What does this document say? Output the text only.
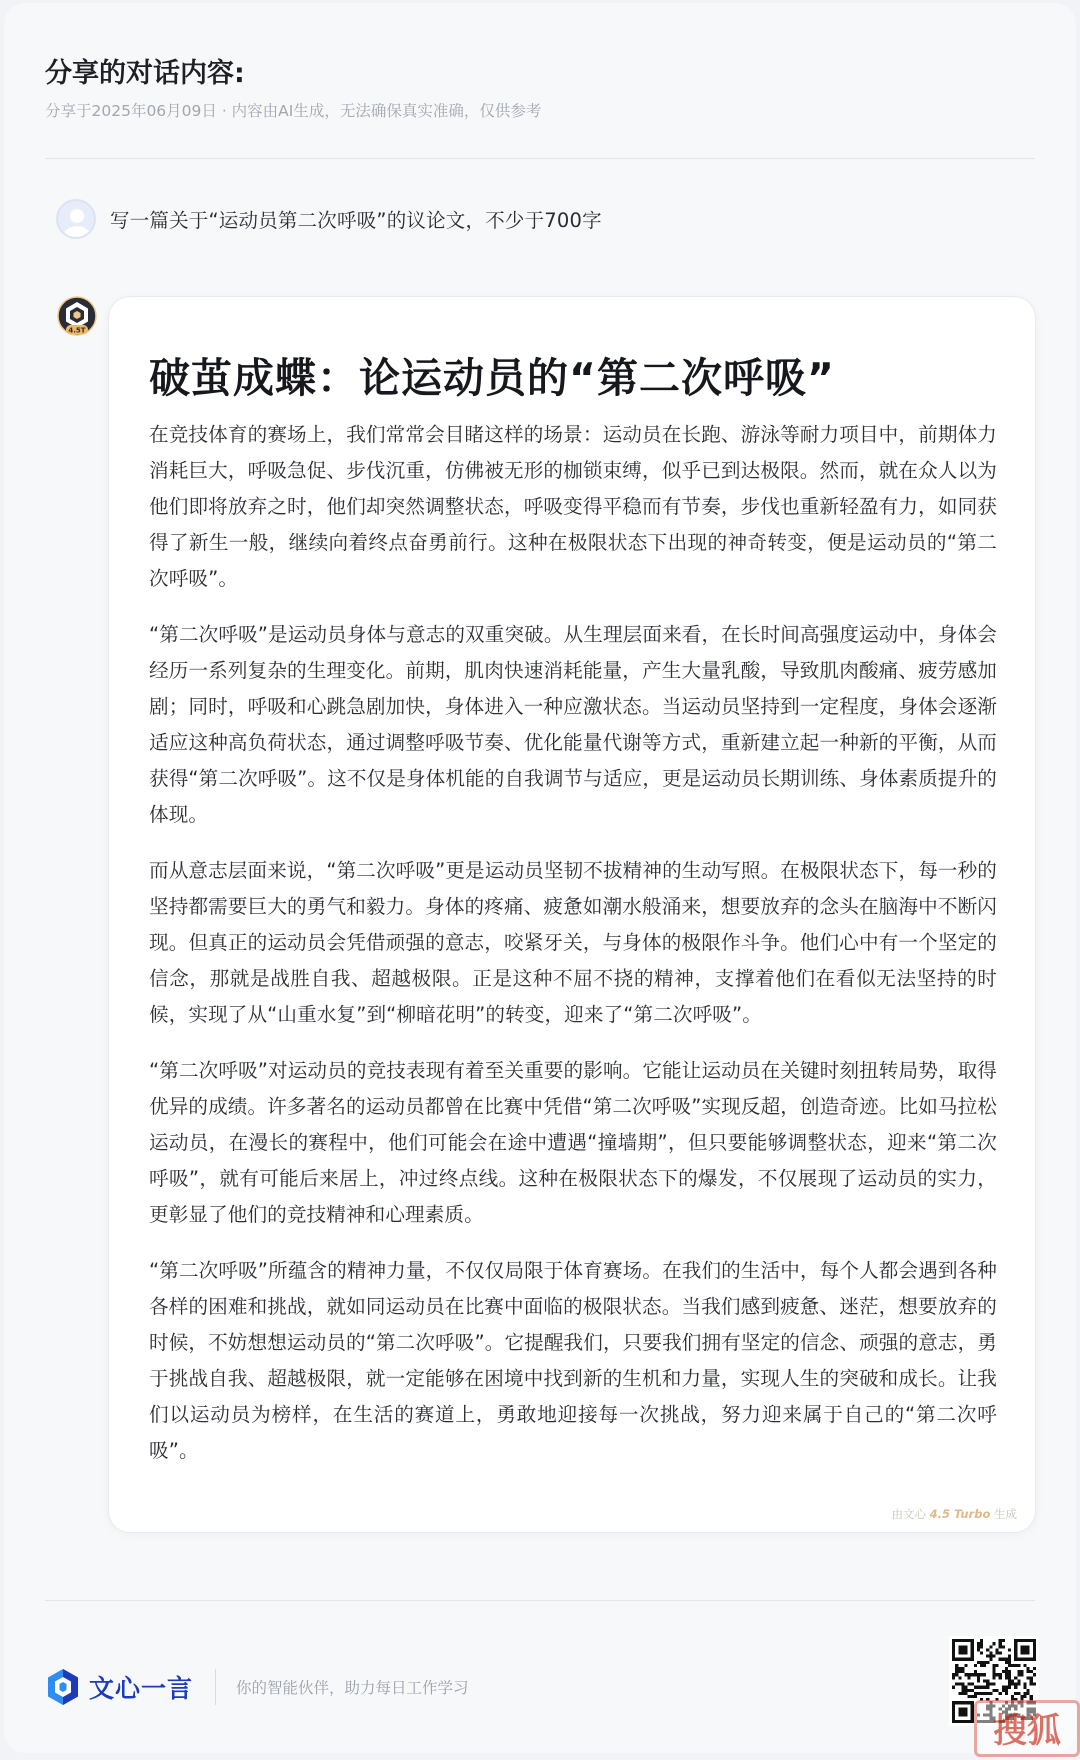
分享的对话内容:
分享于2025年06月09日 · 内容由AI生成，无法确保真实准确，仅供参考
写一篇关于“运动员第二次呼吸”的议论文，不少于700字
4.5T
破茧成蝶：论运动员的“第二次呼吸”

在竞技体育的赛场上，我们常常会目睹这样的场景：运动员在长跑、游泳等耐力项目中，前期体力消耗巨大，呼吸急促、步伐沉重，仿佛被无形的枷锁束缚，似乎已到达极限。然而，就在众人以为他们即将放弃之时，他们却突然调整状态，呼吸变得平稳而有节奏，步伐也重新轻盈有力，如同获得了新生一般，继续向着终点奋勇前行。这种在极限状态下出现的神奇转变，便是运动员的“第二次呼吸”。

“第二次呼吸”是运动员身体与意志的双重突破。从生理层面来看，在长时间高强度运动中，身体会经历一系列复杂的生理变化。前期，肌肉快速消耗能量，产生大量乳酸，导致肌肉酸痛、疲劳感加剧；同时，呼吸和心跳急剧加快，身体进入一种应激状态。当运动员坚持到一定程度，身体会逐渐适应这种高负荷状态，通过调整呼吸节奏、优化能量代谢等方式，重新建立起一种新的平衡，从而获得“第二次呼吸”。这不仅是身体机能的自我调节与适应，更是运动员长期训练、身体素质提升的体现。

而从意志层面来说，“第二次呼吸”更是运动员坚韧不拔精神的生动写照。在极限状态下，每一秒的坚持都需要巨大的勇气和毅力。身体的疼痛、疲惫如潮水般涌来，想要放弃的念头在脑海中不断闪现。但真正的运动员会凭借顽强的意志，咬紧牙关，与身体的极限作斗争。他们心中有一个坚定的信念，那就是战胜自我、超越极限。正是这种不屈不挠的精神，支撑着他们在看似无法坚持的时候，实现了从“山重水复”到“柳暗花明”的转变，迎来了“第二次呼吸”。

“第二次呼吸”对运动员的竞技表现有着至关重要的影响。它能让运动员在关键时刻扭转局势，取得优异的成绩。许多著名的运动员都曾在比赛中凭借“第二次呼吸”实现反超，创造奇迹。比如马拉松运动员，在漫长的赛程中，他们可能会在途中遭遇“撞墙期”，但只要能够调整状态，迎来“第二次呼吸”，就有可能后来居上，冲过终点线。这种在极限状态下的爆发，不仅展现了运动员的实力，更彰显了他们的竞技精神和心理素质。

“第二次呼吸”所蕴含的精神力量，不仅仅局限于体育赛场。在我们的生活中，每个人都会遇到各种各样的困难和挑战，就如同运动员在比赛中面临的极限状态。当我们感到疲惫、迷茫，想要放弃的时候，不妨想想运动员的“第二次呼吸”。它提醒我们，只要我们拥有坚定的信念、顽强的意志，勇于挑战自我、超越极限，就一定能够在困境中找到新的生机和力量，实现人生的突破和成长。让我们以运动员为榜样，在生活的赛道上，勇敢地迎接每一次挑战，努力迎来属于自己的“第二次呼吸”。

由文心 4.5 Turbo 生成
文心一言	你的智能伙伴，助力每日工作学习
搜狐
